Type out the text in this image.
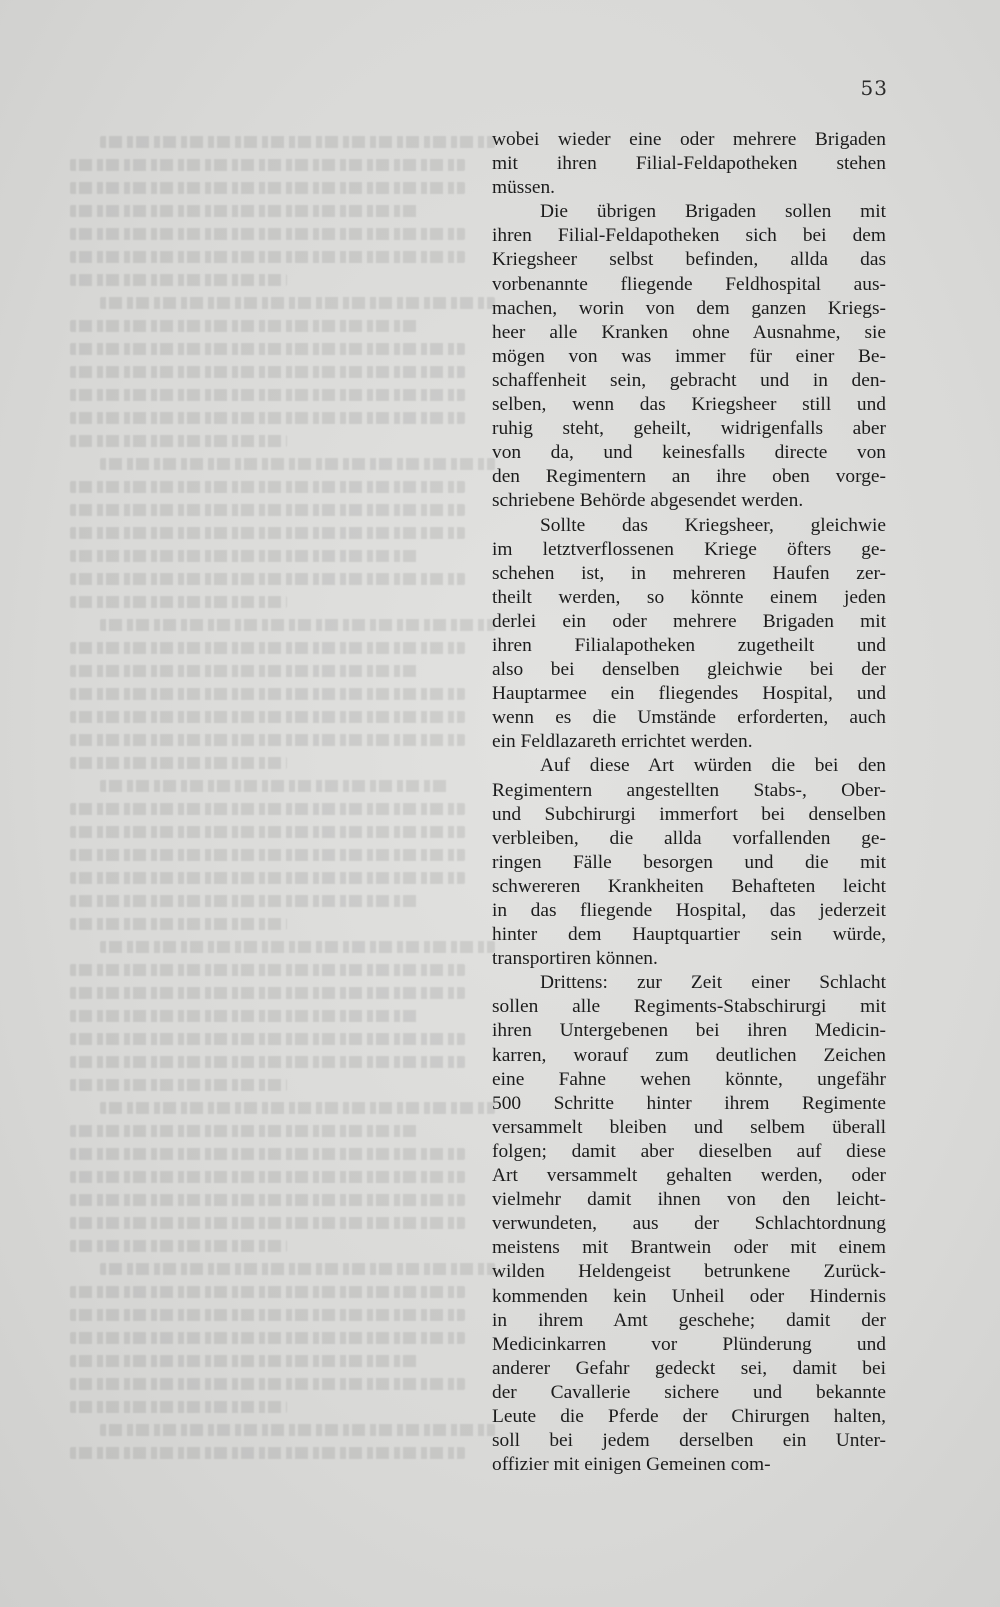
53
wobei wieder eine oder mehrere Brigaden
mit ihren Filial-Feldapotheken stehen
müssen.
Die übrigen Brigaden sollen mit
ihren Filial-Feldapotheken sich bei dem
Kriegsheer selbst befinden, allda das
vorbenannte fliegende Feldhospital aus-
machen, worin von dem ganzen Kriegs-
heer alle Kranken ohne Ausnahme, sie
mögen von was immer für einer Be-
schaffenheit sein, gebracht und in den-
selben, wenn das Kriegsheer still und
ruhig steht, geheilt, widrigenfalls aber
von da, und keinesfalls directe von
den Regimentern an ihre oben vorge-
schriebene Behörde abgesendet werden.
Sollte das Kriegsheer, gleichwie
im letztverflossenen Kriege öfters ge-
schehen ist, in mehreren Haufen zer-
theilt werden, so könnte einem jeden
derlei ein oder mehrere Brigaden mit
ihren Filialapotheken zugetheilt und
also bei denselben gleichwie bei der
Hauptarmee ein fliegendes Hospital, und
wenn es die Umstände erforderten, auch
ein Feldlazareth errichtet werden.
Auf diese Art würden die bei den
Regimentern angestellten Stabs-, Ober-
und Subchirurgi immerfort bei denselben
verbleiben, die allda vorfallenden ge-
ringen Fälle besorgen und die mit
schwereren Krankheiten Behafteten leicht
in das fliegende Hospital, das jederzeit
hinter dem Hauptquartier sein würde,
transportiren können.
Drittens: zur Zeit einer Schlacht
sollen alle Regiments-Stabschirurgi mit
ihren Untergebenen bei ihren Medicin-
karren, worauf zum deutlichen Zeichen
eine Fahne wehen könnte, ungefähr
500 Schritte hinter ihrem Regimente
versammelt bleiben und selbem überall
folgen; damit aber dieselben auf diese
Art versammelt gehalten werden, oder
vielmehr damit ihnen von den leicht-
verwundeten, aus der Schlachtordnung
meistens mit Brantwein oder mit einem
wilden Heldengeist betrunkene Zurück-
kommenden kein Unheil oder Hindernis
in ihrem Amt geschehe; damit der
Medicinkarren vor Plünderung und
anderer Gefahr gedeckt sei, damit bei
der Cavallerie sichere und bekannte
Leute die Pferde der Chirurgen halten,
soll bei jedem derselben ein Unter-
offizier mit einigen Gemeinen com-
